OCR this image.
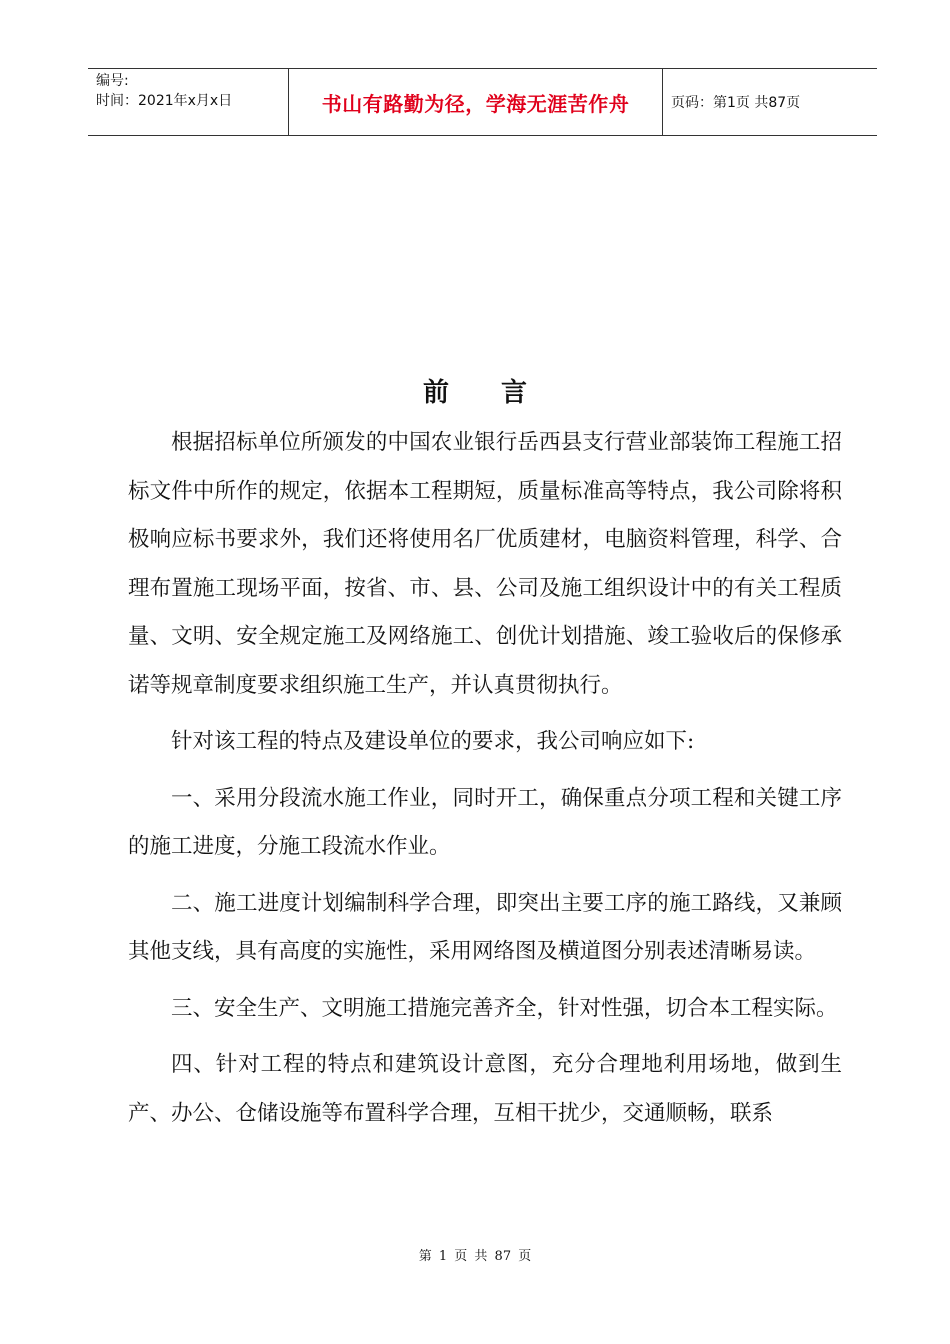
编号:
时间：2021年x月x日	书山有路勤为径，学海无涯苦作舟	页码：第1页 共87页
前言

根据招标单位所颁发的中国农业银行岳西县支行营业部装饰工程施工招标文件中所作的规定，依据本工程期短，质量标准高等特点，我公司除将积极响应标书要求外，我们还将使用名厂优质建材，电脑资料管理，科学、合理布置施工现场平面，按省、市、县、公司及施工组织设计中的有关工程质量、文明、安全规定施工及网络施工、创优计划措施、竣工验收后的保修承诺等规章制度要求组织施工生产，并认真贯彻执行。

针对该工程的特点及建设单位的要求，我公司响应如下:

一、采用分段流水施工作业，同时开工，确保重点分项工程和关键工序的施工进度，分施工段流水作业。

二、施工进度计划编制科学合理，即突出主要工序的施工路线，又兼顾其他支线，具有高度的实施性，采用网络图及横道图分别表述清晰易读。

三、安全生产、文明施工措施完善齐全，针对性强，切合本工程实际。

四、针对工程的特点和建筑设计意图，充分合理地利用场地，做到生产、办公、仓储设施等布置科学合理，互相干扰少，交通顺畅，联系

第 1 页 共 87 页
